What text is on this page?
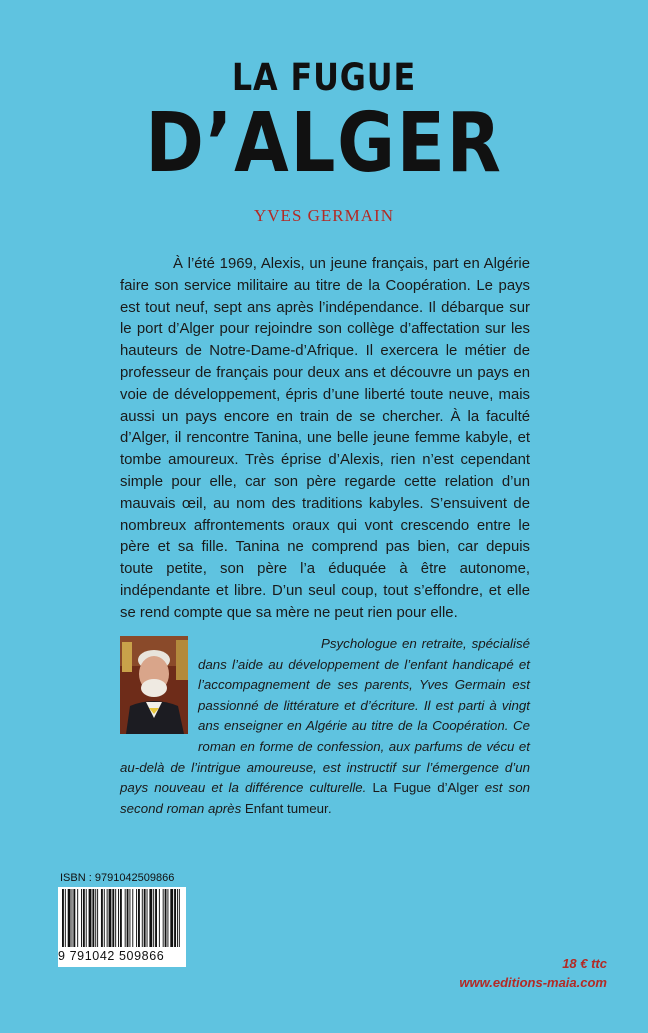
LA FUGUE
D’ALGER
YVES GERMAIN

À l’été 1969, Alexis, un jeune français, part en Algérie faire son service militaire au titre de la Coopération. Le pays est tout neuf, sept ans après l’indépendance. Il débarque sur le port d’Alger pour rejoindre son collège d’affectation sur les hauteurs de Notre-Dame-d’Afrique. Il exercera le métier de professeur de français pour deux ans et découvre un pays en voie de développement, épris d’une liberté toute neuve, mais aussi un pays encore en train de se chercher. À la faculté d’Alger, il rencontre Tanina, une belle jeune femme kabyle, et tombe amoureux. Très éprise d’Alexis, rien n’est cependant simple pour elle, car son père regarde cette relation d’un mauvais œil, au nom des traditions kabyles. S’ensuivent de nombreux affrontements oraux qui vont crescendo entre le père et sa fille. Tanina ne comprend pas bien, car depuis toute petite, son père l’a éduquée à être autonome, indépendante et libre. D’un seul coup, tout s’effondre, et elle se rend compte que sa mère ne peut rien pour elle.

Psychologue en retraite, spécialisé dans l’aide au développement de l’enfant handicapé et l’accompagnement de ses parents, Yves Germain est passionné de littérature et d’écriture. Il est parti à vingt ans enseigner en Algérie au titre de la Coopération. Ce roman en forme de confession, aux parfums de vécu et au-delà de l’intrigue amoureuse, est instructif sur l’émergence d’un pays nouveau et la différence culturelle. La Fugue d’Alger est son second roman après Enfant tumeur.

ISBN : 9791042509866
9 791042 509866	18 € ttc
www.editions-maia.com
